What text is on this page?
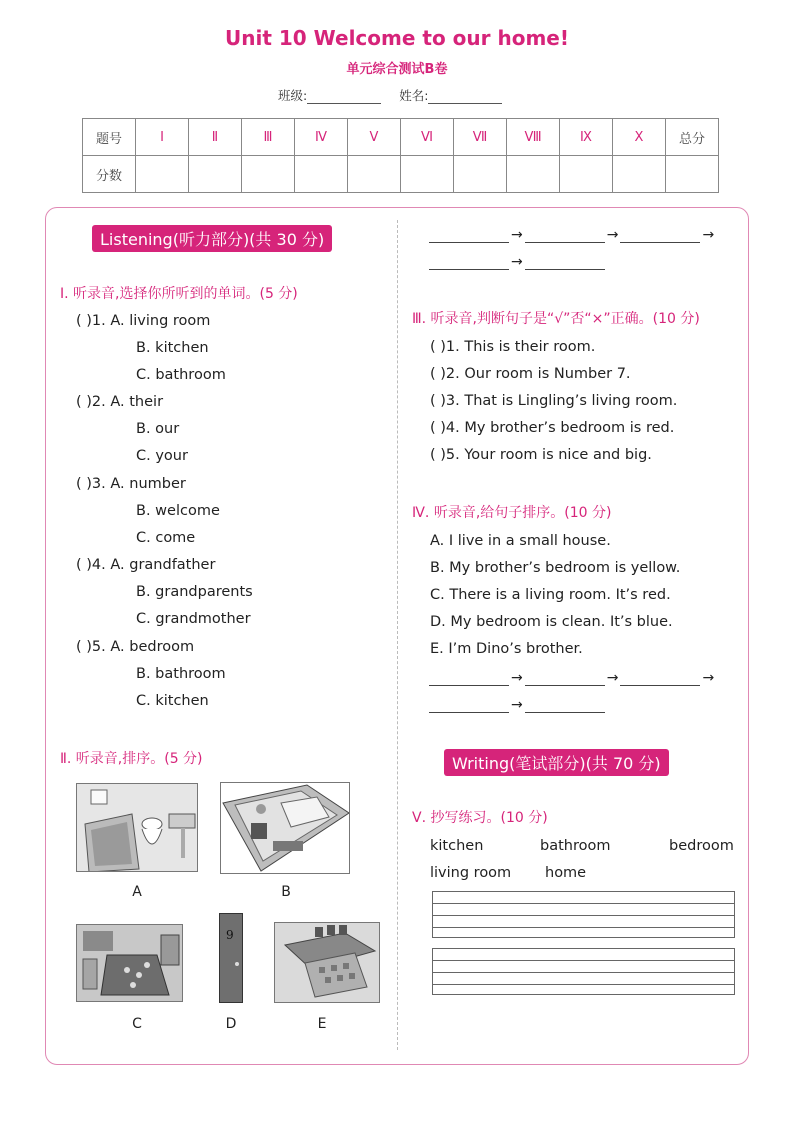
Unit 10 Welcome to our home!
单元综合测试B卷
班级:	姓名:
题号	Ⅰ	Ⅱ	Ⅲ	Ⅳ	Ⅴ	Ⅵ	Ⅶ	Ⅷ	Ⅸ	Ⅹ	总分
分数											
Listening(听力部分)(共 30 分)
Ⅰ. 听录音,选择你所听到的单词。(5 分)
( )1. A. living room
B. kitchen
C. bathroom
( )2. A. their
B. our
C. your
( )3. A. number
B. welcome
C. come
( )4. A. grandfather
B. grandparents
C. grandmother
( )5. A. bedroom
B. bathroom
C. kitchen
Ⅱ. 听录音,排序。(5 分)
A	B
C
9
D	E
→	→	→
→
Ⅲ. 听录音,判断句子是“√”否“×”正确。(10 分)
( )1. This is their room.
( )2. Our room is Number 7.
( )3. That is Lingling’s living room.
( )4. My brother’s bedroom is red.
( )5. Your room is nice and big.
Ⅳ. 听录音,给句子排序。(10 分)
A. I live in a small house.
B. My brother’s bedroom is yellow.
C. There is a living room. It’s red.
D. My bedroom is clean. It’s blue.
E. I’m Dino’s brother.
→	→	→
→
Writing(笔试部分)(共 70 分)
Ⅴ. 抄写练习。(10 分)
kitchen	bathroom	bedroom
living room home
